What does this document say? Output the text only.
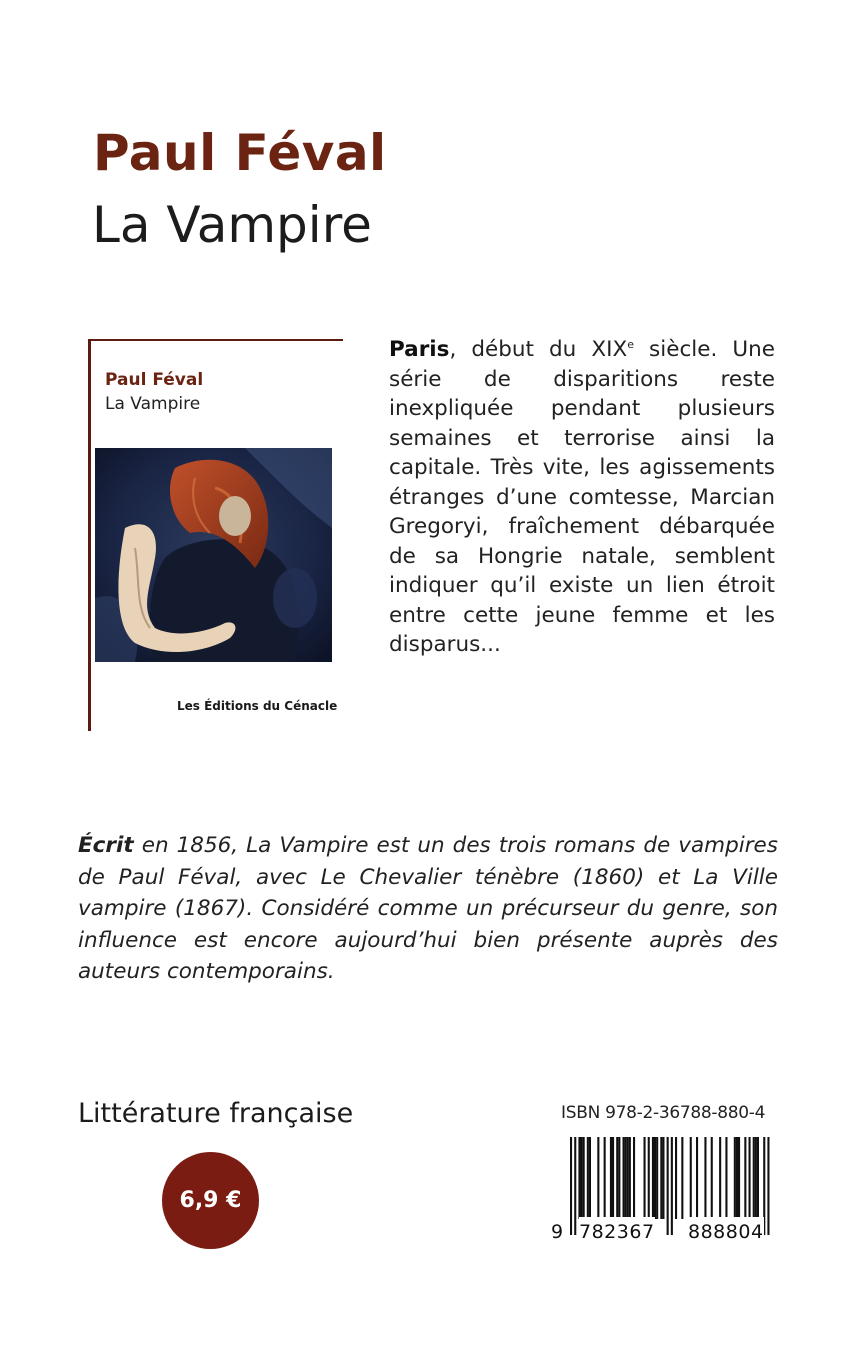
Paul Féval
La Vampire
Paul Féval
La Vampire
Les Éditions du Cénacle
Paris, début du XIXe siècle. Une série de disparitions reste inexpliquée pendant plusieurs semaines et terrorise ainsi la capitale. Très vite, les agissements étranges d’une comtesse, Marcian Gregoryi, fraîchement débarquée de sa Hongrie natale, semblent indiquer qu’il existe un lien étroit entre cette jeune femme et les disparus...
Écrit en 1856, La Vampire est un des trois romans de vampires de Paul Féval, avec Le Chevalier ténèbre (1860) et La Ville vampire (1867). Considéré comme un précurseur du genre, son influence est encore aujourd’hui bien présente auprès des auteurs contemporains.
Littérature française
6,9 €
ISBN 978-2-36788-880-4
9 782367 888804
